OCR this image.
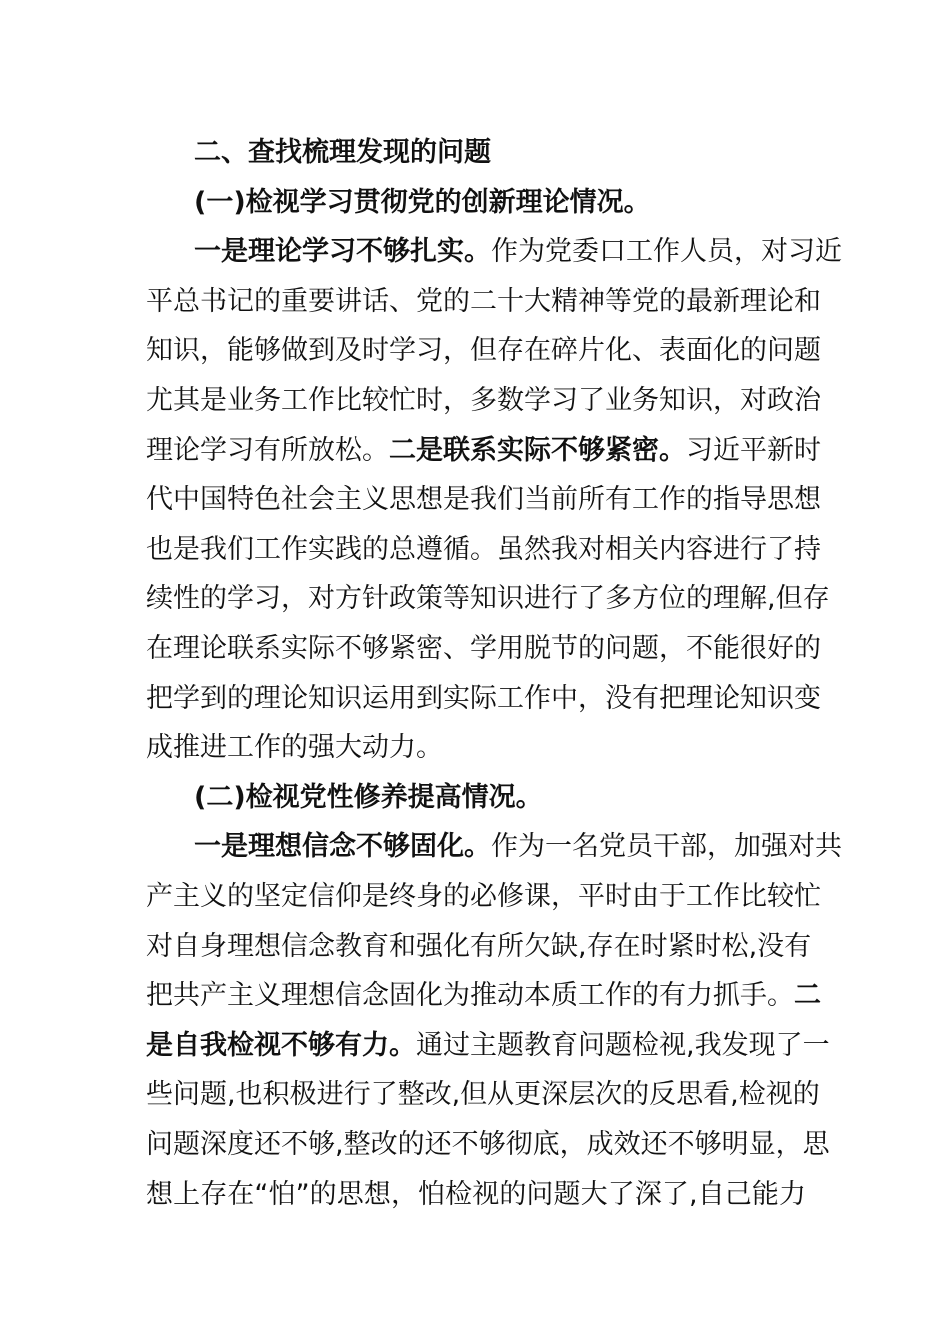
二、查找梳理发现的问题
(一)检视学习贯彻党的创新理论情况。
一是理论学习不够扎实。作为党委口工作人员，对习近
平总书记的重要讲话、党的二十大精神等党的最新理论和
知识，能够做到及时学习，但存在碎片化、表面化的问题
尤其是业务工作比较忙时，多数学习了业务知识，对政治
理论学习有所放松。二是联系实际不够紧密。习近平新时
代中国特色社会主义思想是我们当前所有工作的指导思想
也是我们工作实践的总遵循。虽然我对相关内容进行了持
续性的学习，对方针政策等知识进行了多方位的理解,但存
在理论联系实际不够紧密、学用脱节的问题，不能很好的
把学到的理论知识运用到实际工作中，没有把理论知识变
成推进工作的强大动力。
(二)检视党性修养提高情况。
一是理想信念不够固化。作为一名党员干部，加强对共
产主义的坚定信仰是终身的必修课，平时由于工作比较忙
对自身理想信念教育和强化有所欠缺,存在时紧时松,没有
把共产主义理想信念固化为推动本质工作的有力抓手。二
是自我检视不够有力。通过主题教育问题检视,我发现了一
些问题,也积极进行了整改,但从更深层次的反思看,检视的
问题深度还不够,整改的还不够彻底，成效还不够明显，思
想上存在“怕”的思想，怕检视的问题大了深了,自己能力
